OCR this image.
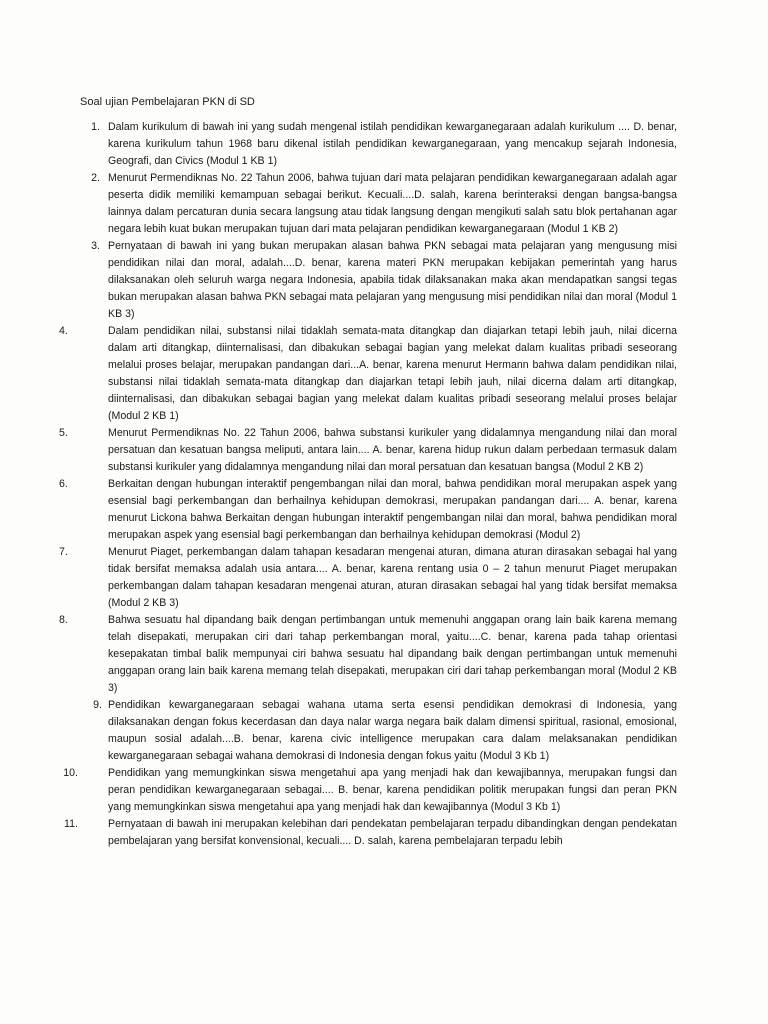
Soal ujian Pembelajaran PKN di SD
1. Dalam kurikulum di bawah ini yang sudah mengenal istilah pendidikan kewarganegaraan adalah kurikulum .... D. benar, karena kurikulum tahun 1968 baru dikenal istilah pendidikan kewarganegaraan, yang mencakup sejarah Indonesia, Geografi, dan Civics (Modul 1 KB 1)
2. Menurut Permendiknas No. 22 Tahun 2006, bahwa tujuan dari mata pelajaran pendidikan kewarganegaraan adalah agar peserta didik memiliki kemampuan sebagai berikut. Kecuali....D. salah, karena berinteraksi dengan bangsa-bangsa lainnya dalam percaturan dunia secara langsung atau tidak langsung dengan mengikuti salah satu blok pertahanan agar negara lebih kuat bukan merupakan tujuan dari mata pelajaran pendidikan kewarganegaraan (Modul 1 KB 2)
3. Pernyataan di bawah ini yang bukan merupakan alasan bahwa PKN sebagai mata pelajaran yang mengusung misi pendidikan nilai dan moral, adalah....D. benar, karena materi PKN merupakan kebijakan pemerintah yang harus dilaksanakan oleh seluruh warga negara Indonesia, apabila tidak dilaksanakan maka akan mendapatkan sangsi tegas bukan merupakan alasan bahwa PKN sebagai mata pelajaran yang mengusung misi pendidikan nilai dan moral (Modul 1 KB 3)
4.	Dalam pendidikan nilai, substansi nilai tidaklah semata-mata ditangkap dan diajarkan tetapi lebih jauh, nilai dicerna dalam arti ditangkap, diinternalisasi, dan dibakukan sebagai bagian yang melekat dalam kualitas pribadi seseorang melalui proses belajar, merupakan pandangan dari...A. benar, karena menurut Hermann bahwa dalam pendidikan nilai, substansi nilai tidaklah semata-mata ditangkap dan diajarkan tetapi lebih jauh, nilai dicerna dalam arti ditangkap, diinternalisasi, dan dibakukan sebagai bagian yang melekat dalam kualitas pribadi seseorang melalui proses belajar (Modul 2 KB 1)
5.	Menurut Permendiknas No. 22 Tahun 2006, bahwa substansi kurikuler yang didalamnya mengandung nilai dan moral persatuan dan kesatuan bangsa meliputi, antara lain.... A. benar, karena hidup rukun dalam perbedaan termasuk dalam substansi kurikuler yang didalamnya mengandung nilai dan moral persatuan dan kesatuan bangsa (Modul 2 KB 2)
6.	Berkaitan dengan hubungan interaktif pengembangan nilai dan moral, bahwa pendidikan moral merupakan aspek yang esensial bagi perkembangan dan berhailnya kehidupan demokrasi, merupakan pandangan dari.... A. benar, karena menurut Lickona bahwa Berkaitan dengan hubungan interaktif pengembangan nilai dan moral, bahwa pendidikan moral merupakan aspek yang esensial bagi perkembangan dan berhailnya kehidupan demokrasi (Modul 2)
7.	Menurut Piaget, perkembangan dalam tahapan kesadaran mengenai aturan, dimana aturan dirasakan sebagai hal yang tidak bersifat memaksa adalah usia antara.... A. benar, karena rentang usia 0 – 2 tahun menurut Piaget merupakan perkembangan dalam tahapan kesadaran mengenai aturan, aturan dirasakan sebagai hal yang tidak bersifat memaksa (Modul 2 KB 3)
8.	Bahwa sesuatu hal dipandang baik dengan pertimbangan untuk memenuhi anggapan orang lain baik karena memang telah disepakati, merupakan ciri dari tahap perkembangan moral, yaitu....C. benar, karena pada tahap orientasi kesepakatan timbal balik mempunyai ciri bahwa sesuatu hal dipandang baik dengan pertimbangan untuk memenuhi anggapan orang lain baik karena memang telah disepakati, merupakan ciri dari tahap perkembangan moral (Modul 2 KB 3)
9. Pendidikan kewarganegaraan sebagai wahana utama serta esensi pendidikan demokrasi di Indonesia, yang dilaksanakan dengan fokus kecerdasan dan daya nalar warga negara baik dalam dimensi spiritual, rasional, emosional, maupun sosial adalah....B. benar, karena civic intelligence merupakan cara dalam melaksanakan pendidikan kewarganegaraan sebagai wahana demokrasi di Indonesia dengan fokus yaitu (Modul 3 Kb 1)
10.	Pendidikan yang memungkinkan siswa mengetahui apa yang menjadi hak dan kewajibannya, merupakan fungsi dan peran pendidikan kewarganegaraan sebagai.... B. benar, karena pendidikan politik merupakan fungsi dan peran PKN yang memungkinkan siswa mengetahui apa yang menjadi hak dan kewajibannya (Modul 3 Kb 1)
11.	Pernyataan di bawah ini merupakan kelebihan dari pendekatan pembelajaran terpadu dibandingkan dengan pendekatan pembelajaran yang bersifat konvensional, kecuali.... D. salah, karena pembelajaran terpadu lebih
